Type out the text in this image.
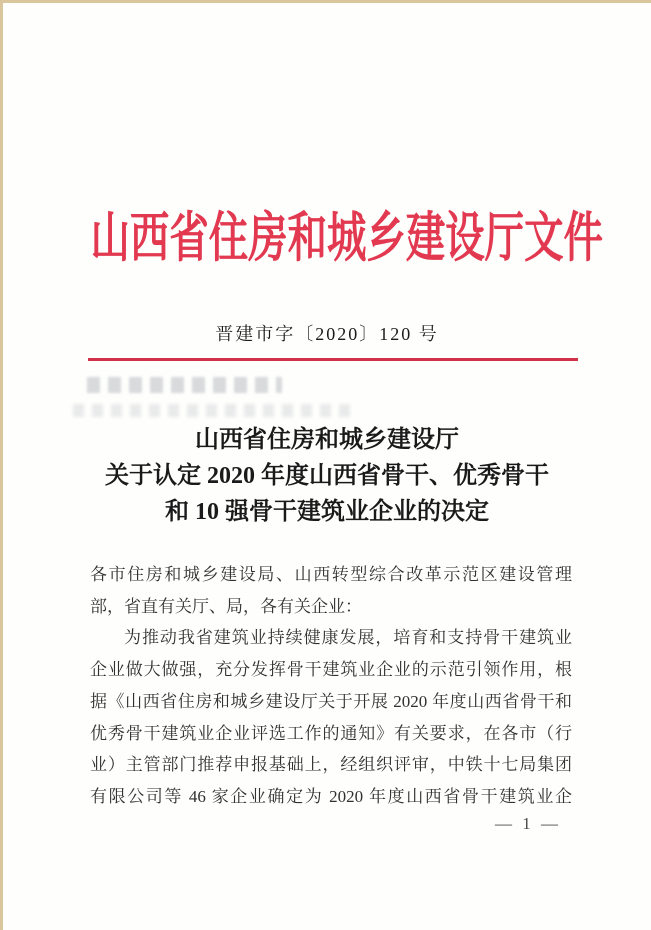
山西省住房和城乡建设厅文件
晋建市字〔2020〕120 号
山西省住房和城乡建设厅
关于认定 2020 年度山西省骨干、优秀骨干
和 10 强骨干建筑业企业的决定
各市住房和城乡建设局、山西转型综合改革示范区建设管理
部，省直有关厅、局，各有关企业：
为推动我省建筑业持续健康发展，培育和支持骨干建筑业
企业做大做强，充分发挥骨干建筑业企业的示范引领作用，根
据《山西省住房和城乡建设厅关于开展 2020 年度山西省骨干和
优秀骨干建筑业企业评选工作的通知》有关要求，在各市（行
业）主管部门推荐申报基础上，经组织评审，中铁十七局集团
有限公司等 46 家企业确定为 2020 年度山西省骨干建筑业企
— 1 —
